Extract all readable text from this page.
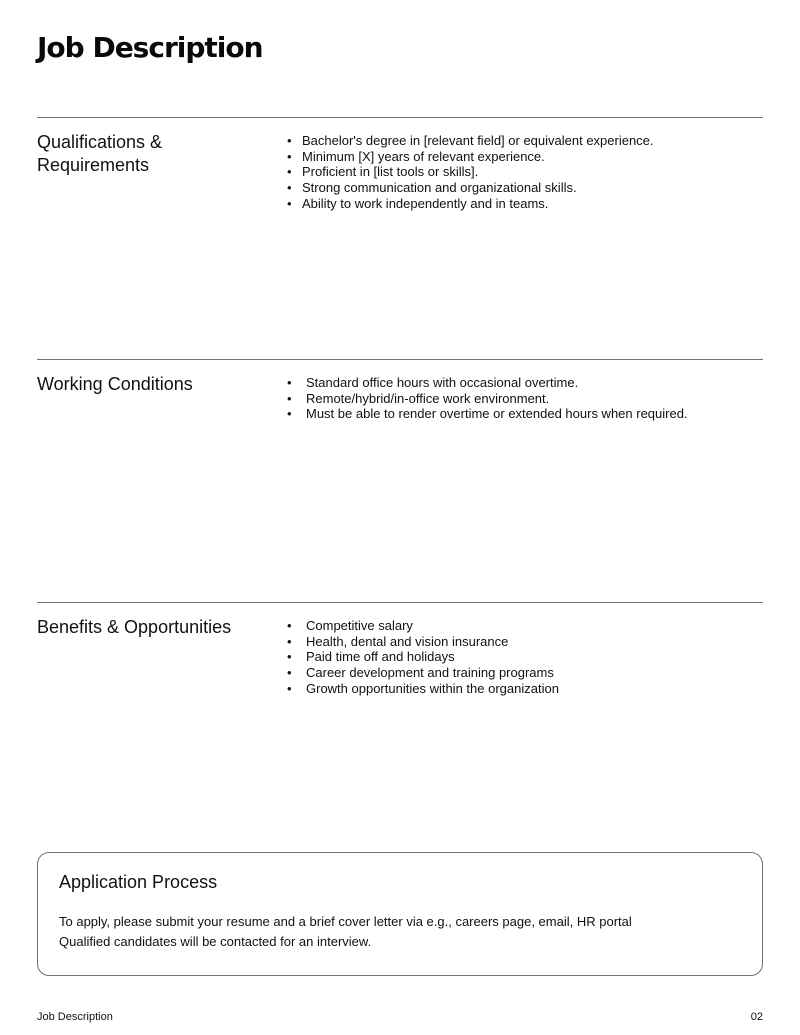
Job Description
Qualifications & Requirements
• Bachelor's degree in [relevant field] or equivalent experience.
• Minimum [X] years of relevant experience.
• Proficient in [list tools or skills].
• Strong communication and organizational skills.
• Ability to work independently and in teams.
Working Conditions	• Standard office hours with occasional overtime.
• Remote/hybrid/in-office work environment.
• Must be able to render overtime or extended hours when required.
Benefits & Opportunities	• Competitive salary
• Health, dental and vision insurance
• Paid time off and holidays
• Career development and training programs
• Growth opportunities within the organization
Application Process
To apply, please submit your resume and a brief cover letter via e.g., careers page, email, HR portal
Qualified candidates will be contacted for an interview.
Job Description	02
